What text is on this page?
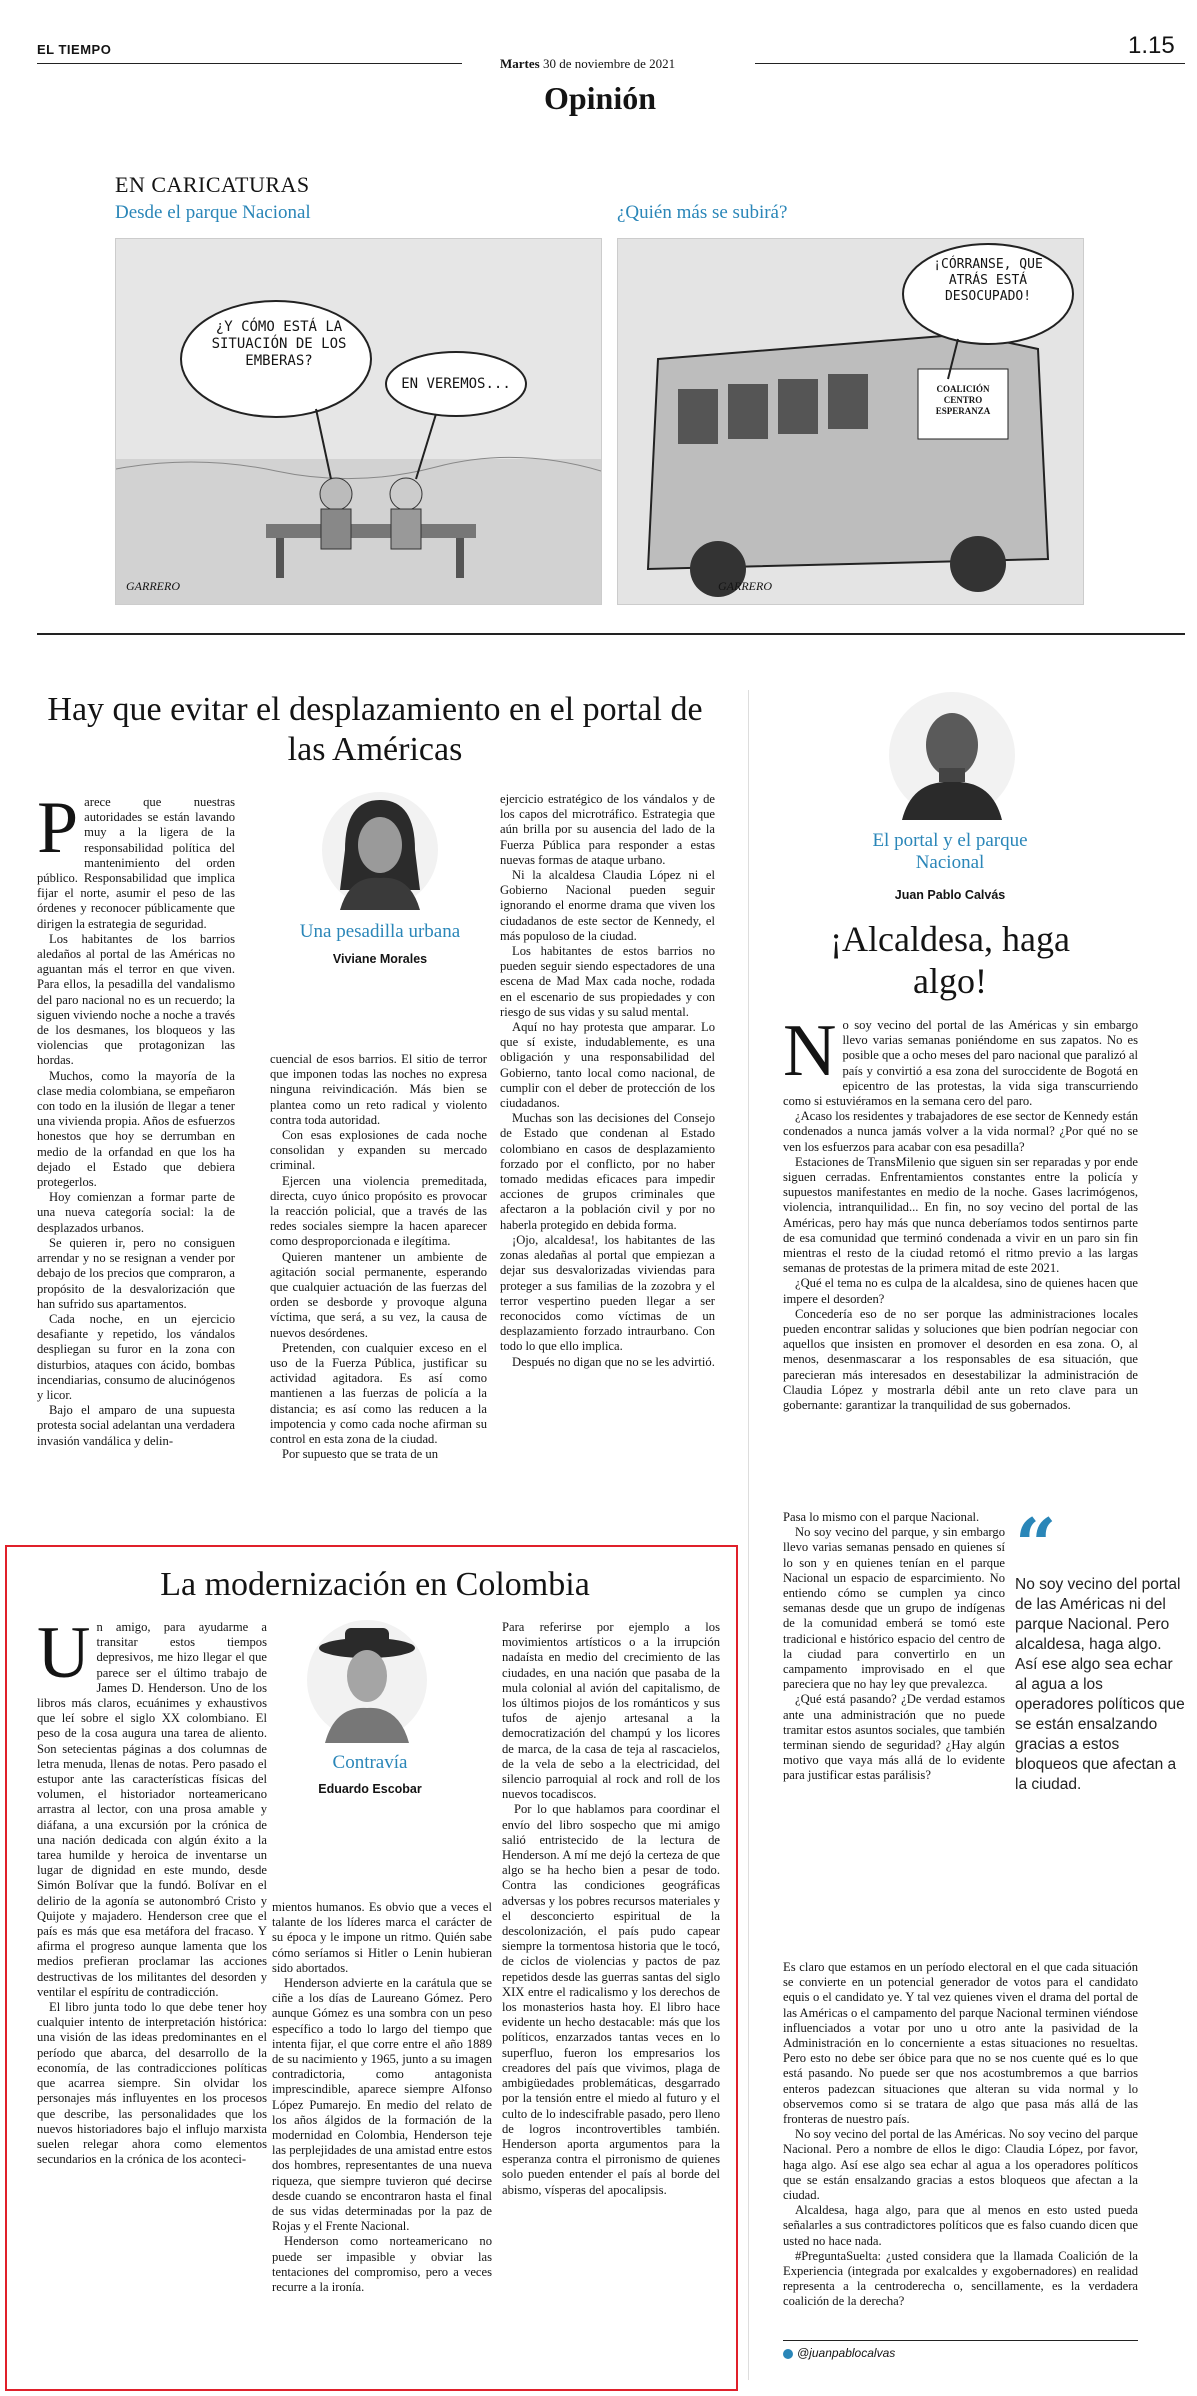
EL TIEMPO
Martes 30 de noviembre de 2021
1.15
Opinión
EN CARICATURAS
Desde el parque Nacional	¿Quién más se subirá?
¿Y CÓMO ESTÁ LA SITUACIÓN DE LOS EMBERAS?
EN VEREMOS...
GARRERO
¡CÓRRANSE, QUE ATRÁS ESTÁ DESOCUPADO!
COALICIÓN CENTRO ESPERANZA
GARRERO
Hay que evitar el desplazamiento en el portal de las Américas
P arece que nuestras autoridades se están lavando muy a la ligera de la responsabilidad política del mantenimiento del orden público. Responsabilidad que implica fijar el norte, asumir el peso de las órdenes y reconocer públicamente que dirigen la estrategia de seguridad.

Los habitantes de los barrios aledaños al portal de las Américas no aguantan más el terror en que viven. Para ellos, la pesadilla del vandalismo del paro nacional no es un recuerdo; la siguen viviendo noche a noche a través de los desmanes, los bloqueos y las violencias que protagonizan las hordas.

Muchos, como la mayoría de la clase media colombiana, se empeñaron con todo en la ilusión de llegar a tener una vivienda propia. Años de esfuerzos honestos que hoy se derrumban en medio de la orfandad en que los ha dejado el Estado que debiera protegerlos.

Hoy comienzan a formar parte de una nueva categoría social: la de desplazados urbanos.

Se quieren ir, pero no consiguen arrendar y no se resignan a vender por debajo de los precios que compraron, a propósito de la desvalorización que han sufrido sus apartamentos.

Cada noche, en un ejercicio desafiante y repetido, los vándalos despliegan su furor en la zona con disturbios, ataques con ácido, bombas incendiarias, consumo de alucinógenos y licor.

Bajo el amparo de una supuesta protesta social adelantan una verdadera invasión vandálica y delin-

Una pesadilla urbana
Viviane Morales

cuencial de esos barrios. El sitio de terror que imponen todas las noches no expresa ninguna reivindicación. Más bien se plantea como un reto radical y violento contra toda autoridad.

Con esas explosiones de cada noche consolidan y expanden su mercado criminal.

Ejercen una violencia premeditada, directa, cuyo único propósito es provocar la reacción policial, que a través de las redes sociales siempre la hacen aparecer como desproporcionada e ilegítima.

Quieren mantener un ambiente de agitación social permanente, esperando que cualquier actuación de las fuerzas del orden se desborde y provoque alguna víctima, que será, a su vez, la causa de nuevos desórdenes.

Pretenden, con cualquier exceso en el uso de la Fuerza Pública, justificar su actividad agitadora. Es así como mantienen a las fuerzas de policía a la distancia; es así como las reducen a la impotencia y como cada noche afirman su control en esta zona de la ciudad.

Por supuesto que se trata de un

ejercicio estratégico de los vándalos y de los capos del microtráfico. Estrategia que aún brilla por su ausencia del lado de la Fuerza Pública para responder a estas nuevas formas de ataque urbano.

Ni la alcaldesa Claudia López ni el Gobierno Nacional pueden seguir ignorando el enorme drama que viven los ciudadanos de este sector de Kennedy, el más populoso de la ciudad.

Los habitantes de estos barrios no pueden seguir siendo espectadores de una escena de Mad Max cada noche, rodada en el escenario de sus propiedades y con riesgo de sus vidas y su salud mental.

Aquí no hay protesta que amparar. Lo que sí existe, indudablemente, es una obligación y una responsabilidad del Gobierno, tanto local como nacional, de cumplir con el deber de protección de los ciudadanos.

Muchas son las decisiones del Consejo de Estado que condenan al Estado colombiano en casos de desplazamiento forzado por el conflicto, por no haber tomado medidas eficaces para impedir acciones de grupos criminales que afectaron a la población civil y por no haberla protegido en debida forma.

¡Ojo, alcaldesa!, los habitantes de las zonas aledañas al portal que empiezan a dejar sus desvalorizadas viviendas para proteger a sus familias de la zozobra y el terror vespertino pueden llegar a ser reconocidos como víctimas de un desplazamiento forzado intraurbano. Con todo lo que ello implica.

Después no digan que no se les advirtió.

La modernización en Colombia
U n amigo, para ayudarme a transitar estos tiempos depresivos, me hizo llegar el que parece ser el último trabajo de James D. Henderson. Uno de los libros más claros, ecuánimes y exhaustivos que leí sobre el siglo XX colombiano. El peso de la cosa augura una tarea de aliento. Son setecientas páginas a dos columnas de letra menuda, llenas de notas. Pero pasado el estupor ante las características físicas del volumen, el historiador norteamericano arrastra al lector, con una prosa amable y diáfana, a una excursión por la crónica de una nación dedicada con algún éxito a la tarea humilde y heroica de inventarse un lugar de dignidad en este mundo, desde Simón Bolívar que la fundó. Bolívar en el delirio de la agonía se autonombró Cristo y Quijote y majadero. Henderson cree que el país es más que esa metáfora del fracaso. Y afirma el progreso aunque lamenta que los medios prefieran proclamar las acciones destructivas de los militantes del desorden y ventilar el espíritu de contradicción.

El libro junta todo lo que debe tener hoy cualquier intento de interpretación histórica: una visión de las ideas predominantes en el período que abarca, del desarrollo de la economía, de las contradicciones políticas que acarrea siempre. Sin olvidar los personajes más influyentes en los procesos que describe, las personalidades que los nuevos historiadores bajo el influjo marxista suelen relegar ahora como elementos secundarios en la crónica de los aconteci-

Contravía
Eduardo Escobar

mientos humanos. Es obvio que a veces el talante de los líderes marca el carácter de su época y le impone un ritmo. Quién sabe cómo seríamos si Hitler o Lenin hubieran sido abortados.

Henderson advierte en la carátula que se ciñe a los días de Laureano Gómez. Pero aunque Gómez es una sombra con un peso específico a todo lo largo del tiempo que intenta fijar, el que corre entre el año 1889 de su nacimiento y 1965, junto a su imagen contradictoria, como antagonista imprescindible, aparece siempre Alfonso López Pumarejo. En medio del relato de los años álgidos de la formación de la modernidad en Colombia, Henderson teje las perplejidades de una amistad entre estos dos hombres, representantes de una nueva riqueza, que siempre tuvieron qué decirse desde cuando se encontraron hasta el final de sus vidas determinadas por la paz de Rojas y el Frente Nacional.

Henderson como norteamericano no puede ser impasible y obviar las tentaciones del compromiso, pero a veces recurre a la ironía.

Para referirse por ejemplo a los movimientos artísticos o a la irrupción nadaísta en medio del crecimiento de las ciudades, en una nación que pasaba de la mula colonial al avión del capitalismo, de los últimos piojos de los románticos y sus tufos de ajenjo artesanal a la democratización del champú y los licores de marca, de la casa de teja al rascacielos, de la vela de sebo a la electricidad, del silencio parroquial al rock and roll de los nuevos tocadiscos.

Por lo que hablamos para coordinar el envío del libro sospecho que mi amigo salió entristecido de la lectura de Henderson. A mí me dejó la certeza de que algo se ha hecho bien a pesar de todo. Contra las condiciones geográficas adversas y los pobres recursos materiales y el desconcierto espiritual de la descolonización, el país pudo capear siempre la tormentosa historia que le tocó, de ciclos de violencias y pactos de paz repetidos desde las guerras santas del siglo XIX entre el radicalismo y los derechos de los monasterios hasta hoy. El libro hace evidente un hecho destacable: más que los políticos, enzarzados tantas veces en lo superfluo, fueron los empresarios los creadores del país que vivimos, plaga de ambigüedades problemáticas, desgarrado por la tensión entre el miedo al futuro y el culto de lo indescifrable pasado, pero lleno de logros incontrovertibles también. Henderson aporta argumentos para la esperanza contra el pirronismo de quienes solo pueden entender el país al borde del abismo, vísperas del apocalipsis.

El portal y el parque Nacional
Juan Pablo Calvás
¡Alcaldesa, haga algo!
N o soy vecino del portal de las Américas y sin embargo llevo varias semanas poniéndome en sus zapatos. No es posible que a ocho meses del paro nacional que paralizó al país y convirtió a esa zona del suroccidente de Bogotá en epicentro de las protestas, la vida siga transcurriendo como si estuviéramos en la semana cero del paro.

¿Acaso los residentes y trabajadores de ese sector de Kennedy están condenados a nunca jamás volver a la vida normal? ¿Por qué no se ven los esfuerzos para acabar con esa pesadilla?

Estaciones de TransMilenio que siguen sin ser reparadas y por ende siguen cerradas. Enfrentamientos constantes entre la policía y supuestos manifestantes en medio de la noche. Gases lacrimógenos, violencia, intranquilidad... En fin, no soy vecino del portal de las Américas, pero hay más que nunca deberíamos todos sentirnos parte de esa comunidad que terminó condenada a vivir en un paro sin fin mientras el resto de la ciudad retomó el ritmo previo a las largas semanas de protestas de la primera mitad de este 2021.

¿Qué el tema no es culpa de la alcaldesa, sino de quienes hacen que impere el desorden?

Concedería eso de no ser porque las administraciones locales pueden encontrar salidas y soluciones que bien podrían negociar con aquellos que insisten en promover el desorden en esa zona. O, al menos, desenmascarar a los responsables de esa situación, que parecieran más interesados en desestabilizar la administración de Claudia López y mostrarla débil ante un reto clave para un gobernante: garantizar la tranquilidad de sus gobernados.

Pasa lo mismo con el parque Nacional.

No soy vecino del parque, y sin embargo llevo varias semanas pensado en quienes sí lo son y en quienes tenían en el parque Nacional un espacio de esparcimiento. No entiendo cómo se cumplen ya cinco semanas desde que un grupo de indígenas de la comunidad emberá se tomó este tradicional e histórico espacio del centro de la ciudad para convertirlo en un campamento improvisado en el que pareciera que no hay ley que prevalezca.

¿Qué está pasando? ¿De verdad estamos ante una administración que no puede tramitar estos asuntos sociales, que también terminan siendo de seguridad? ¿Hay algún motivo que vaya más allá de lo evidente para justificar estas parálisis?

“
No soy vecino del portal de las Américas ni del parque Nacional. Pero alcaldesa, haga algo. Así ese algo sea echar al agua a los operadores políticos que se están ensalzando gracias a estos bloqueos que afectan a la ciudad.

Es claro que estamos en un período electoral en el que cada situación se convierte en un potencial generador de votos para el candidato equis o el candidato ye. Y tal vez quienes viven el drama del portal de las Américas o el campamento del parque Nacional terminen viéndose influenciados a votar por uno u otro ante la pasividad de la Administración en lo concerniente a estas situaciones no resueltas. Pero esto no debe ser óbice para que no se nos cuente qué es lo que está pasando. No puede ser que nos acostumbremos a que barrios enteros padezcan situaciones que alteran su vida normal y lo observemos como si se tratara de algo que pasa más allá de las fronteras de nuestro país.

No soy vecino del portal de las Américas. No soy vecino del parque Nacional. Pero a nombre de ellos le digo: Claudia López, por favor, haga algo. Así ese algo sea echar al agua a los operadores políticos que se están ensalzando gracias a estos bloqueos que afectan a la ciudad.

Alcaldesa, haga algo, para que al menos en esto usted pueda señalarles a sus contradictores políticos que es falso cuando dicen que usted no hace nada.

#PreguntaSuelta: ¿usted considera que la llamada Coalición de la Experiencia (integrada por exalcaldes y exgobernadores) en realidad representa a la centroderecha o, sencillamente, es la verdadera coalición de la derecha?

@juanpablocalvas
